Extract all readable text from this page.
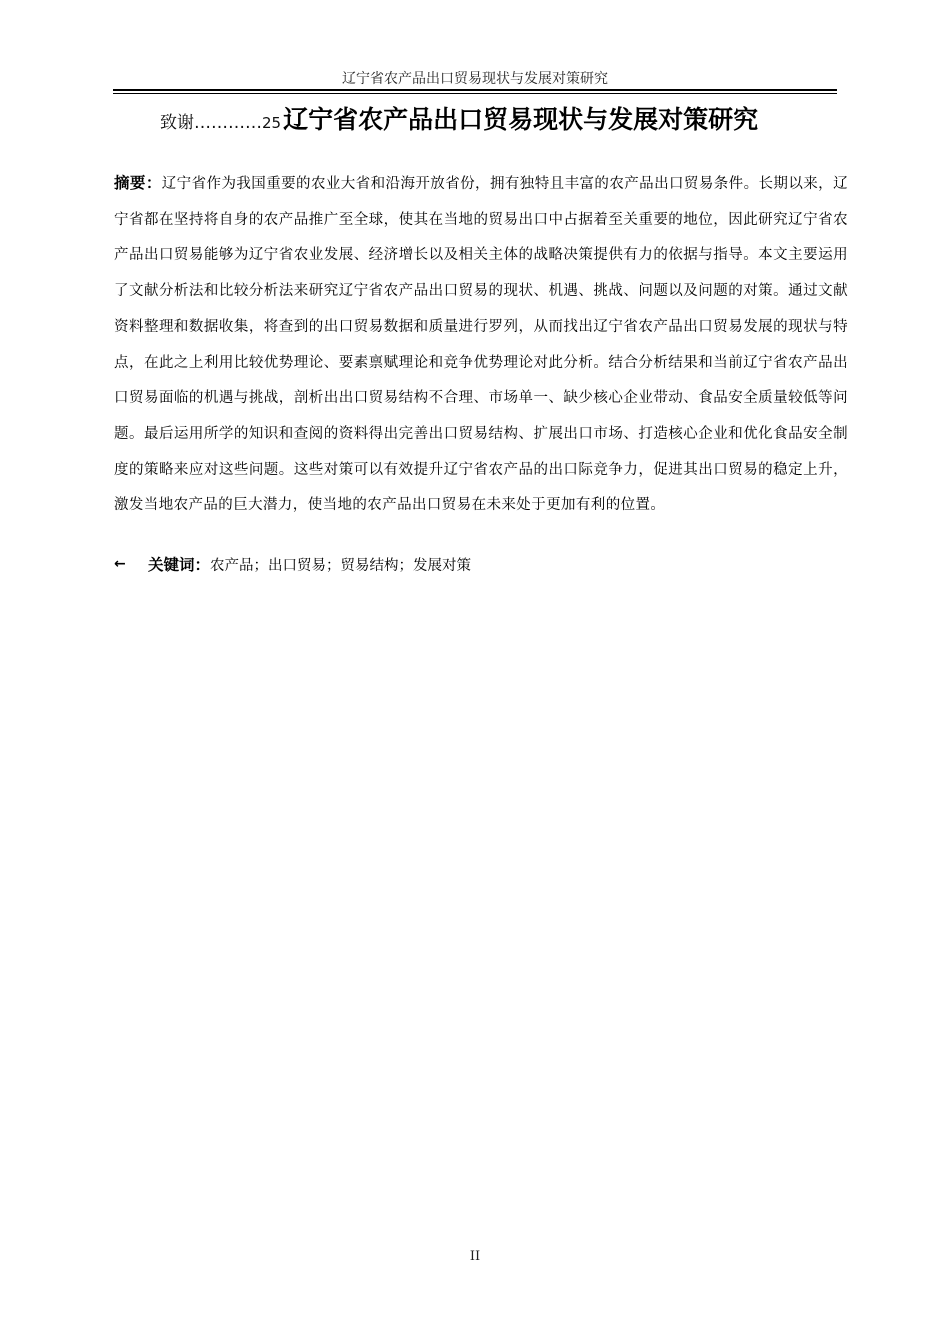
辽宁省农产品出口贸易现状与发展对策研究
致谢 ………… 25 辽宁省农产品出口贸易现状与发展对策研究
摘要：辽宁省作为我国重要的农业大省和沿海开放省份，拥有独特且丰富的农产品出口贸易条件。长期以来，辽宁省都在坚持将自身的农产品推广至全球，使其在当地的贸易出口中占据着至关重要的地位，因此研究辽宁省农产品出口贸易能够为辽宁省农业发展、经济增长以及相关主体的战略决策提供有力的依据与指导。本文主要运用了文献分析法和比较分析法来研究辽宁省农产品出口贸易的现状、机遇、挑战、问题以及问题的对策。通过文献资料整理和数据收集，将查到的出口贸易数据和质量进行罗列，从而找出辽宁省农产品出口贸易发展的现状与特点，在此之上利用比较优势理论、要素禀赋理论和竞争优势理论对此分析。结合分析结果和当前辽宁省农产品出口贸易面临的机遇与挑战，剖析出出口贸易结构不合理、市场单一、缺少核心企业带动、食品安全质量较低等问题。最后运用所学的知识和查阅的资料得出完善出口贸易结构、扩展出口市场、打造核心企业和优化食品安全制度的策略来应对这些问题。这些对策可以有效提升辽宁省农产品的出口际竞争力，促进其出口贸易的稳定上升，激发当地农产品的巨大潜力，使当地的农产品出口贸易在未来处于更加有利的位置。
←	关键词： 农产品；出口贸易；贸易结构；发展对策
II
